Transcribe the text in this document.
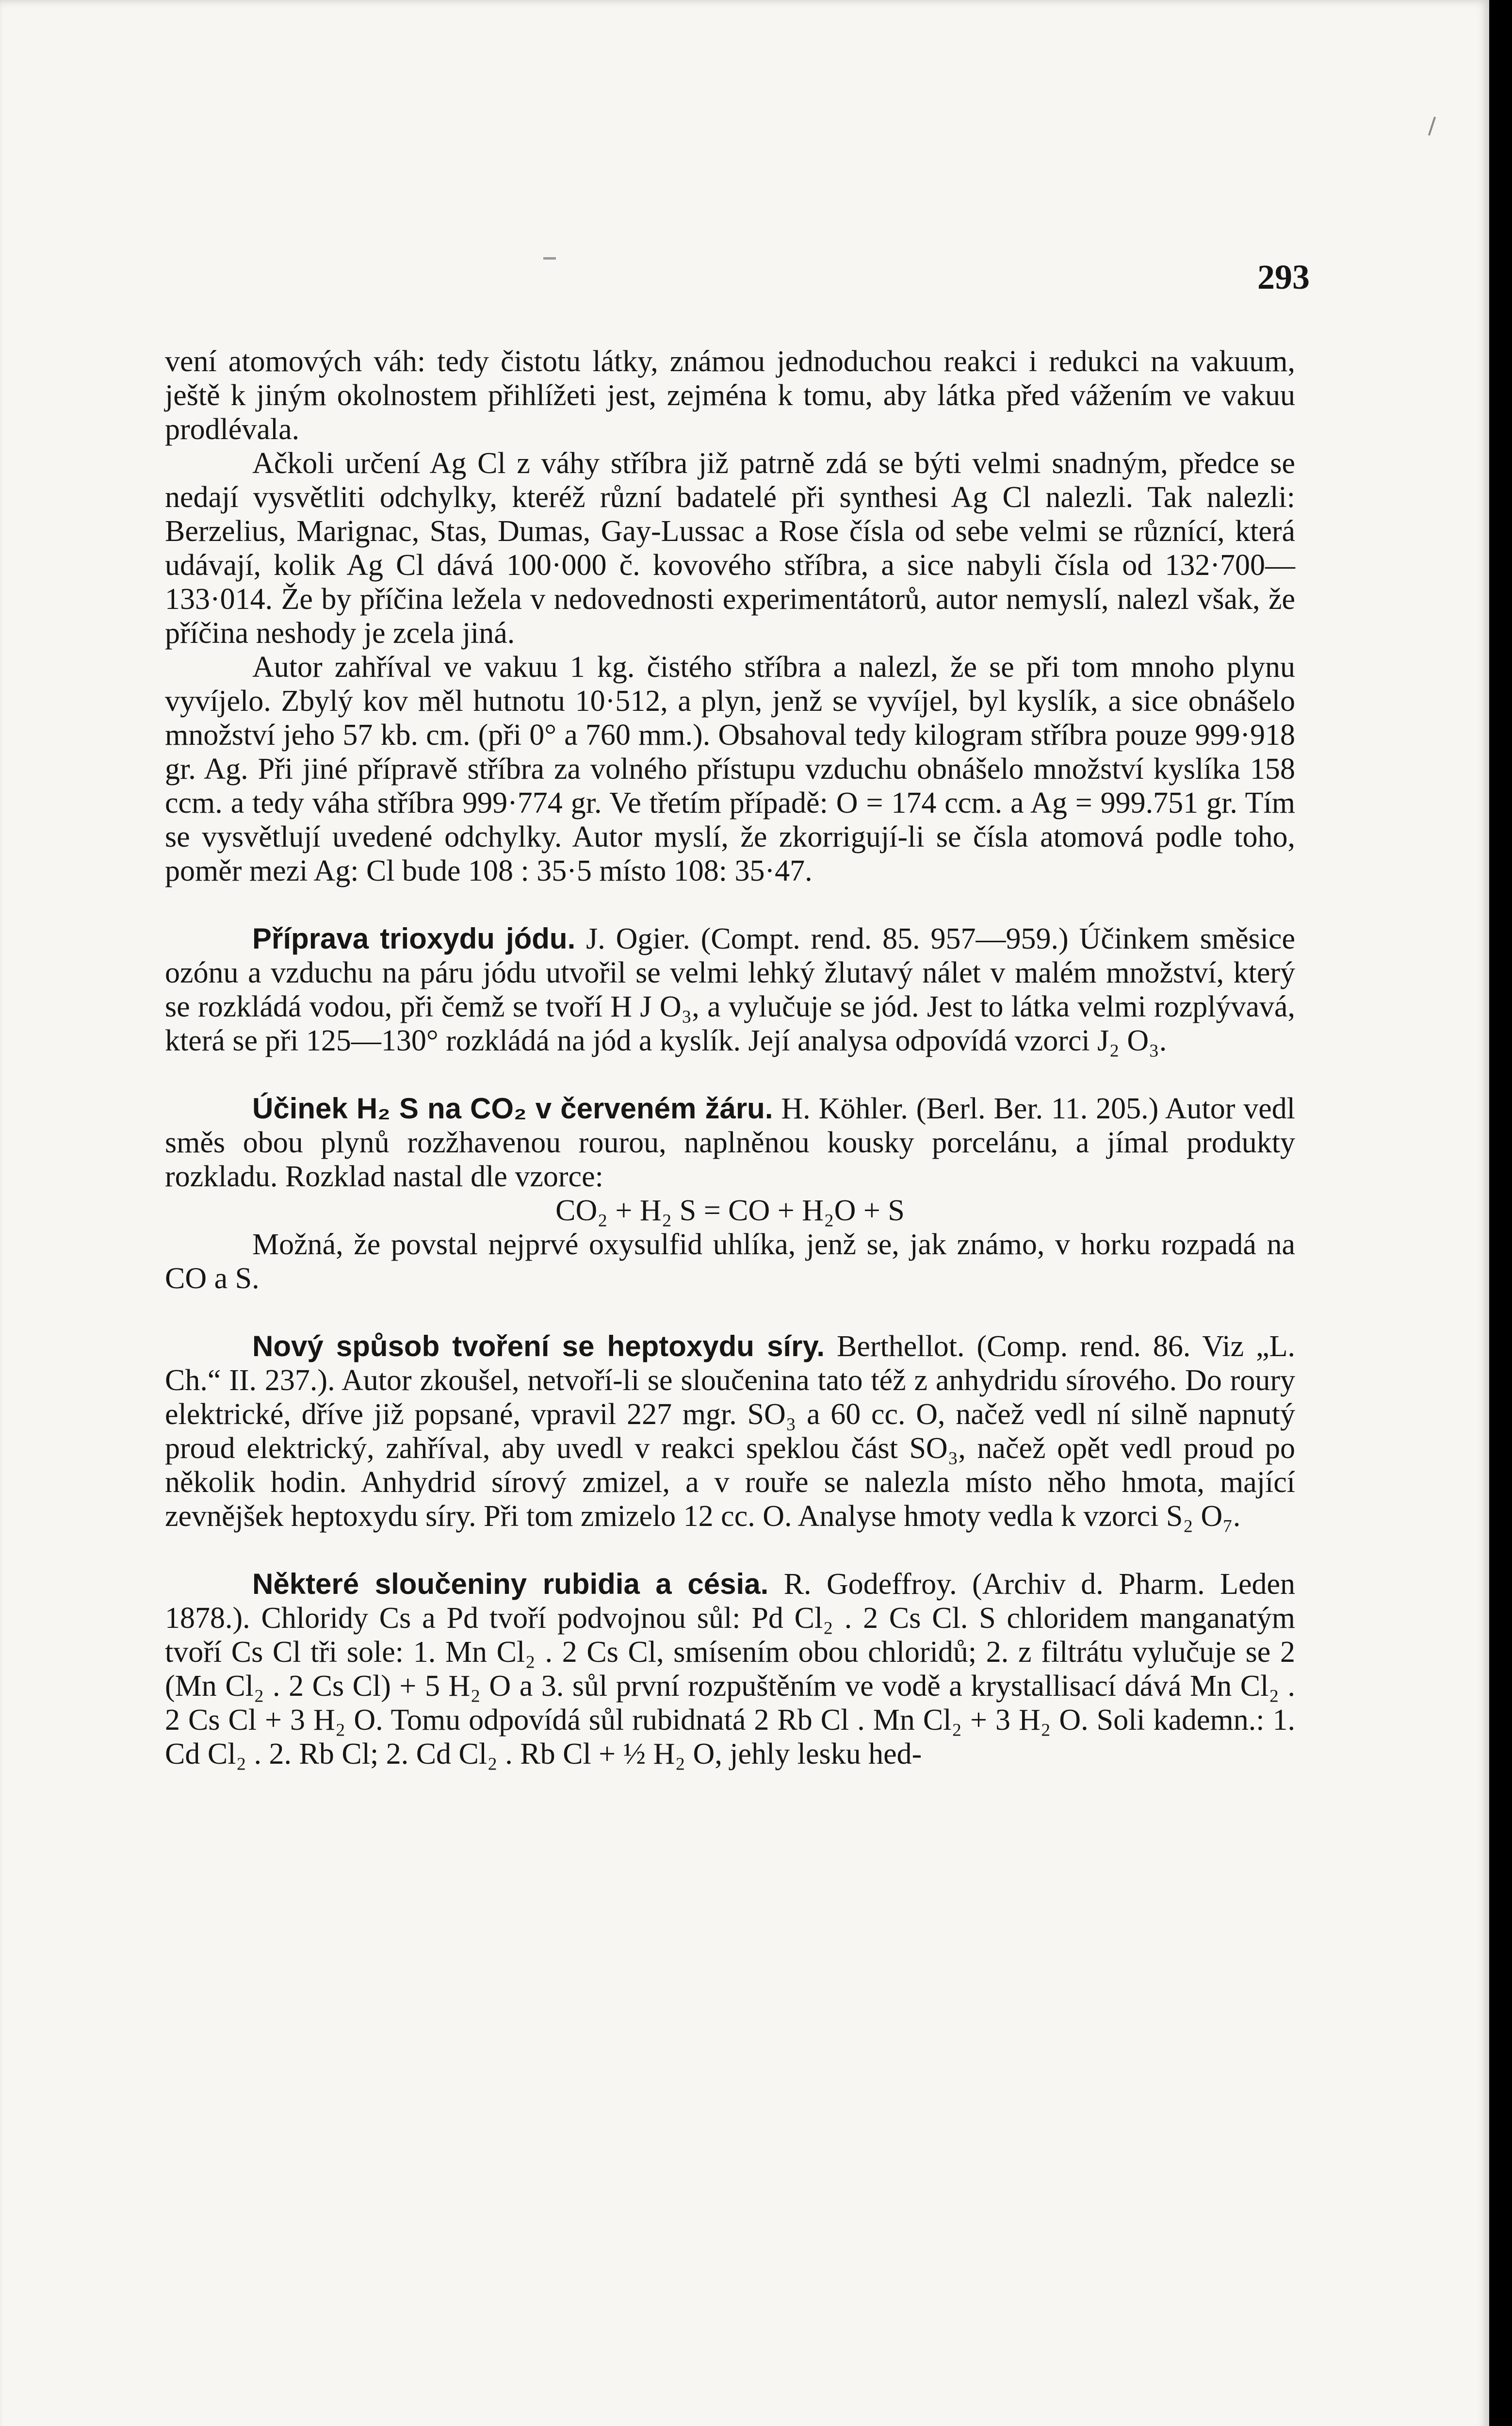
293

vení atomových váh: tedy čistotu látky, známou jednoduchou reakci i redukci na vakuum, ještě k jiným okolnostem přihlížeti jest, zejména k tomu, aby látka před vážením ve vakuu prodlévala.

Ačkoli určení Ag Cl z váhy stříbra již patrně zdá se býti velmi snadným, předce se nedají vysvětliti odchylky, kteréž různí badatelé při synthesi Ag Cl nalezli. Tak nalezli: Berzelius, Marignac, Stas, Dumas, Gay-Lussac a Rose čísla od sebe velmi se různící, která udávají, kolik Ag Cl dává 100·000 č. kovového stříbra, a sice nabyli čísla od 132·700—133·014. Že by příčina ležela v nedovednosti experimentátorů, autor nemyslí, nalezl však, že příčina neshody je zcela jiná.

Autor zahříval ve vakuu 1 kg. čistého stříbra a nalezl, že se při tom mnoho plynu vyvíjelo. Zbylý kov měl hutnotu 10·512, a plyn, jenž se vyvíjel, byl kyslík, a sice obnášelo množství jeho 57 kb. cm. (při 0° a 760 mm.). Obsahoval tedy kilogram stříbra pouze 999·918 gr. Ag. Při jiné přípravě stříbra za volného přístupu vzduchu obnášelo množství kyslíka 158 ccm. a tedy váha stříbra 999·774 gr. Ve třetím případě: O = 174 ccm. a Ag = 999.751 gr. Tím se vysvětlují uvedené odchylky. Autor myslí, že zkorrigují-li se čísla atomová podle toho, poměr mezi Ag: Cl bude 108 : 35·5 místo 108: 35·47.

Příprava trioxydu jódu. J. Ogier. (Compt. rend. 85. 957—959.) Účinkem směsice ozónu a vzduchu na páru jódu utvořil se velmi lehký žlutavý nálet v malém množství, který se rozkládá vodou, při čemž se tvoří H J O₃, a vylučuje se jód. Jest to látka velmi rozplývavá, která se při 125—130° rozkládá na jód a kyslík. Její analysa odpovídá vzorci J₂ O₃.

Účinek H₂ S na CO₂ v červeném žáru. H. Köhler. (Berl. Ber. 11. 205.) Autor vedl směs obou plynů rozžhavenou rourou, naplněnou kousky porcelánu, a jímal produkty rozkladu. Rozklad nastal dle vzorce:

CO₂ + H₂ S = CO + H₂O + S

Možná, že povstal nejprvé oxysulfid uhlíka, jenž se, jak známo, v horku rozpadá na CO a S.

Nový spůsob tvoření se heptoxydu síry. Berthellot. (Comp. rend. 86. Viz „L. Ch.“ II. 237.). Autor zkoušel, netvoří-li se sloučenina tato též z anhydridu sírového. Do roury elektrické, dříve již popsané, vpravil 227 mgr. SO₃ a 60 cc. O, načež vedl ní silně napnutý proud elektrický, zahříval, aby uvedl v reakci speklou část SO₃, načež opět vedl proud po několik hodin. Anhydrid sírový zmizel, a v rouře se nalezla místo něho hmota, mající zevnějšek heptoxydu síry. Při tom zmizelo 12 cc. O. Analyse hmoty vedla k vzorci S₂ O₇.

Některé sloučeniny rubidia a césia. R. Godeffroy. (Archiv d. Pharm. Leden 1878.). Chloridy Cs a Pd tvoří podvojnou sůl: Pd Cl₂ . 2 Cs Cl. S chloridem manganatým tvoří Cs Cl tři sole: 1. Mn Cl₂ . 2 Cs Cl, smísením obou chloridů; 2. z filtrátu vylučuje se 2 (Mn Cl₂ . 2 Cs Cl) + 5 H₂ O a 3. sůl první rozpuštěním ve vodě a krystallisací dává Mn Cl₂ . 2 Cs Cl + 3 H₂ O. Tomu odpovídá sůl rubidnatá 2 Rb Cl . Mn Cl₂ + 3 H₂ O. Soli kademn.: 1. Cd Cl₂ . 2. Rb Cl; 2. Cd Cl₂ . Rb Cl + ½ H₂ O, jehly lesku hed-
